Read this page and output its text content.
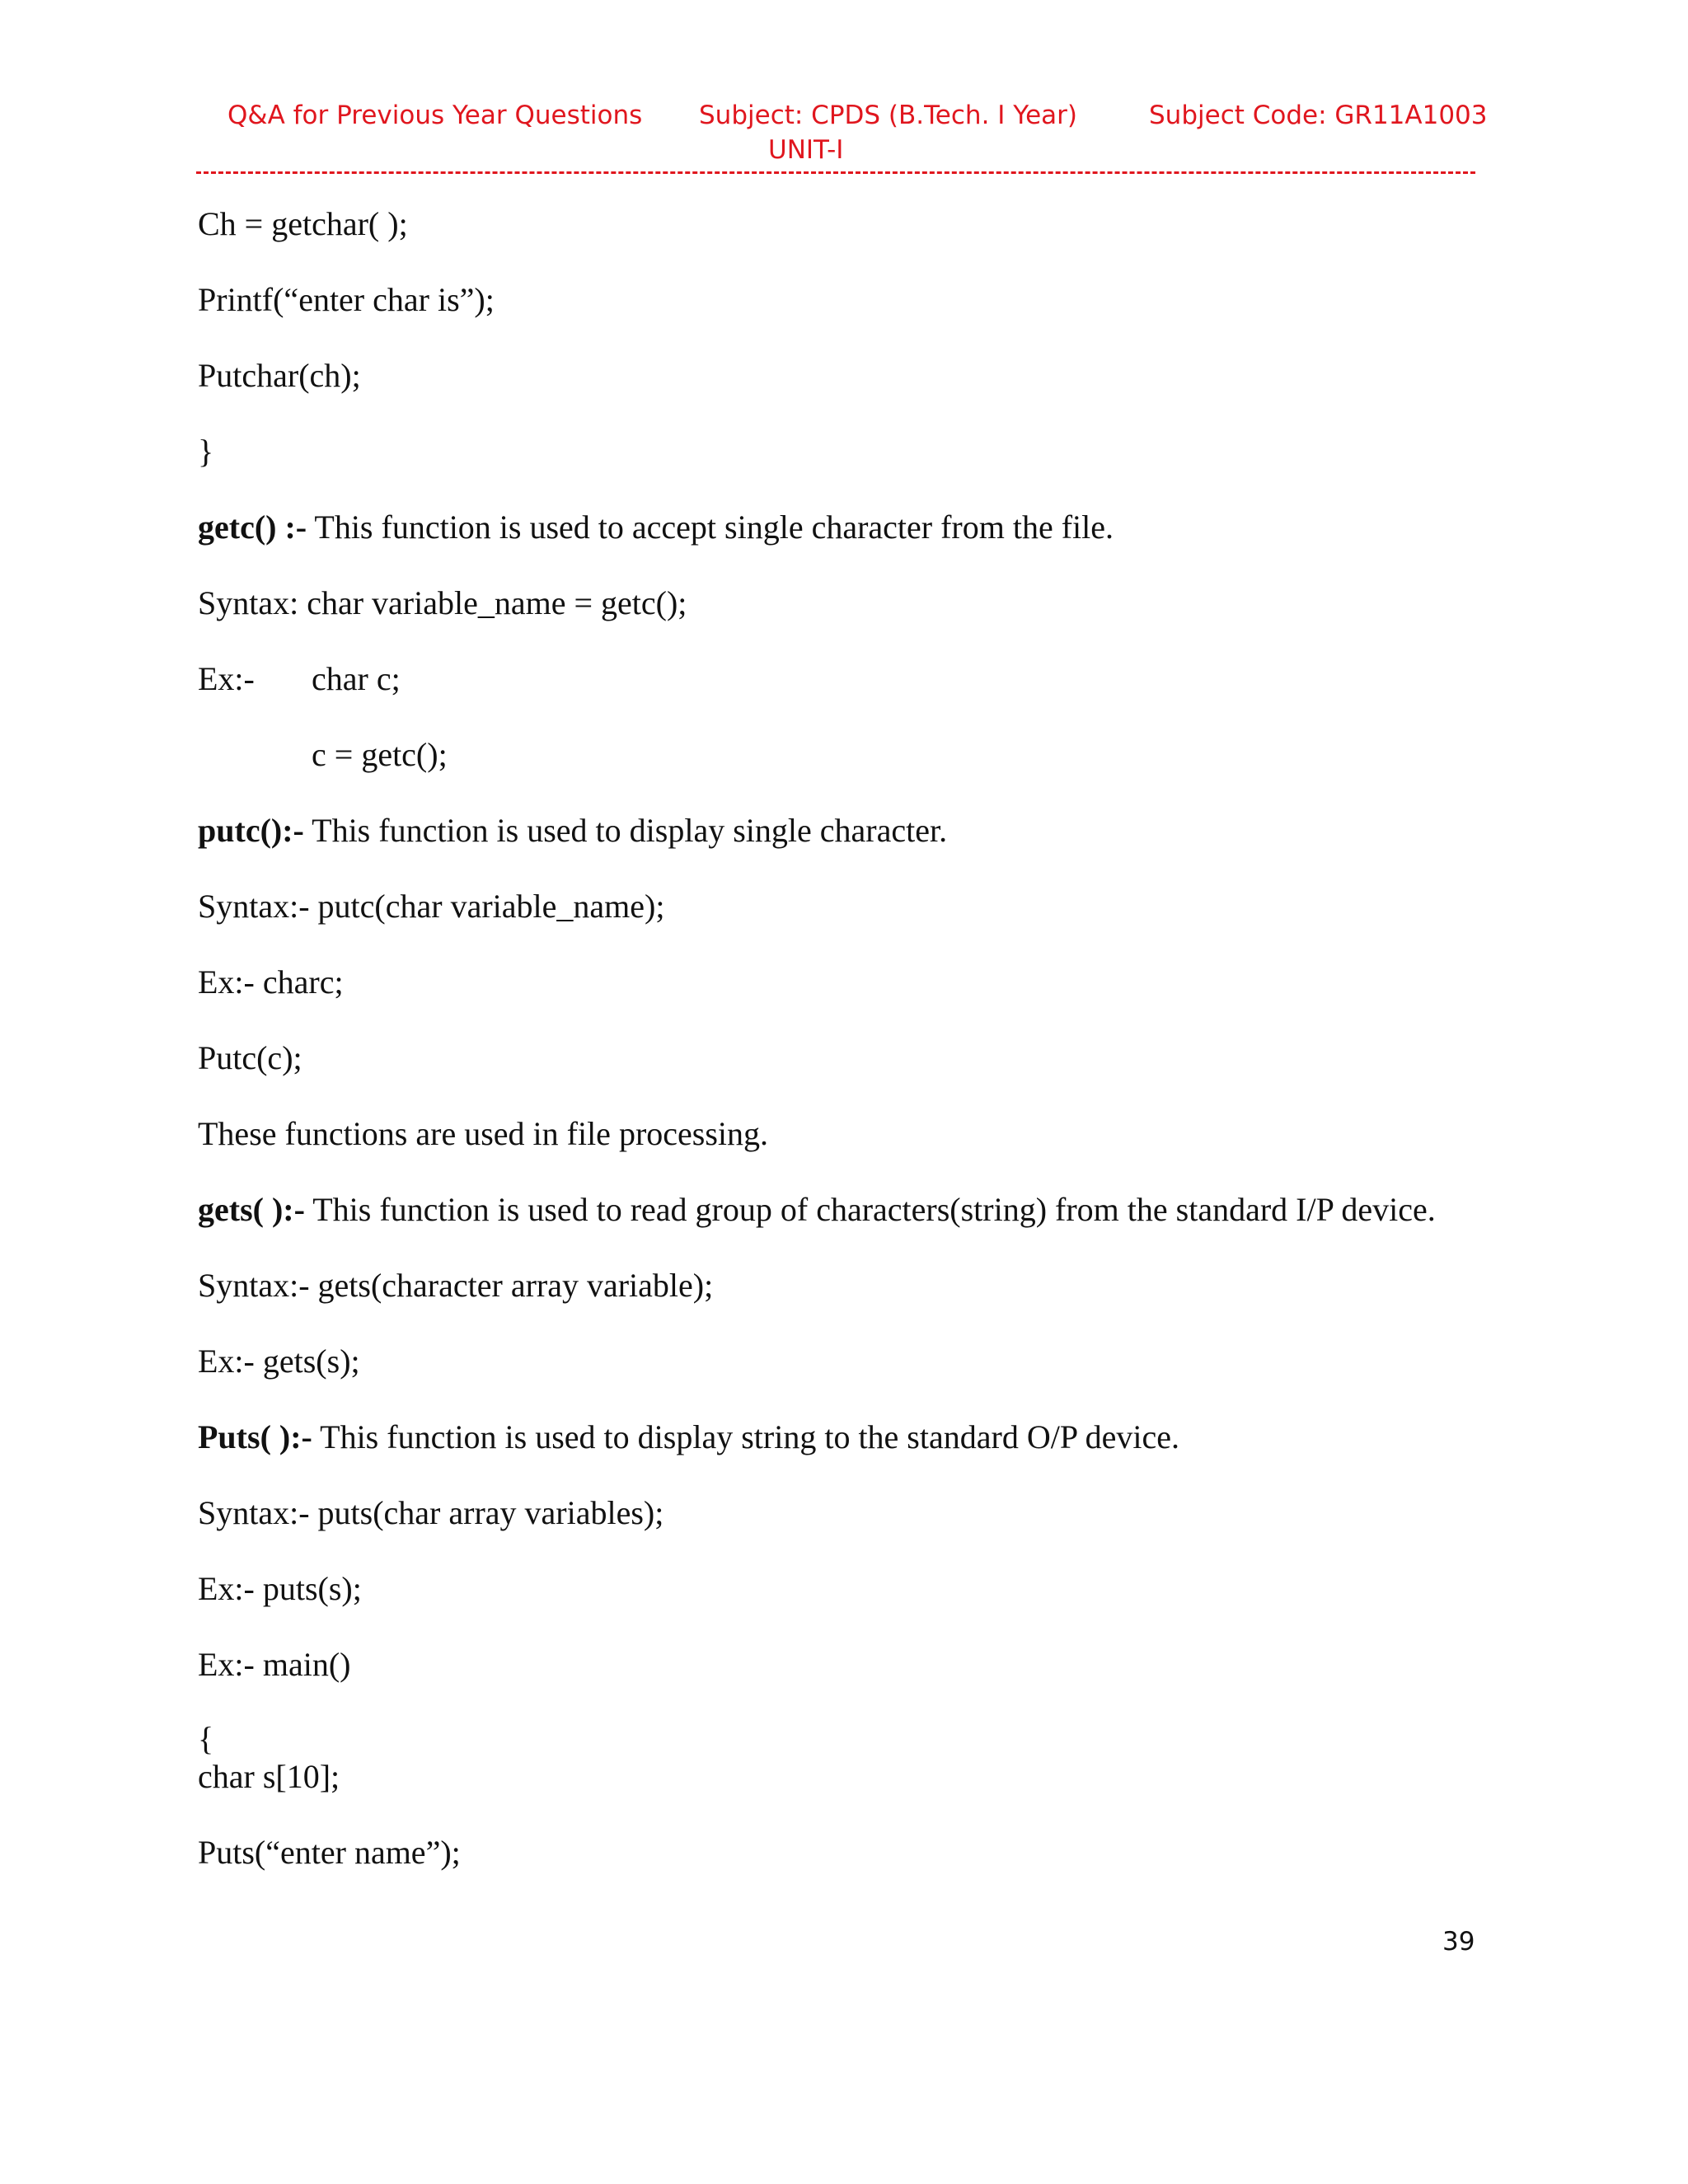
Q&A for Previous Year Questions Subject: CPDS (B.Tech. I Year)	Subject Code: GR11A1003
UNIT-I
Ch = getchar( );
Printf(“enter char is”);
Putchar(ch);
}
getc() :- This function is used to accept single character from the file.
Syntax: char variable_name = getc();
Ex:- char c;
c = getc();
putc():- This function is used to display single character.
Syntax:- putc(char variable_name);
Ex:- charc;
Putc(c);
These functions are used in file processing.
gets( ):- This function is used to read group of characters(string) from the standard I/P device.
Syntax:- gets(character array variable);
Ex:- gets(s);
Puts( ):- This function is used to display string to the standard O/P device.
Syntax:- puts(char array variables);
Ex:- puts(s);
Ex:- main()
{
char s[10];
Puts(“enter name”);
39
